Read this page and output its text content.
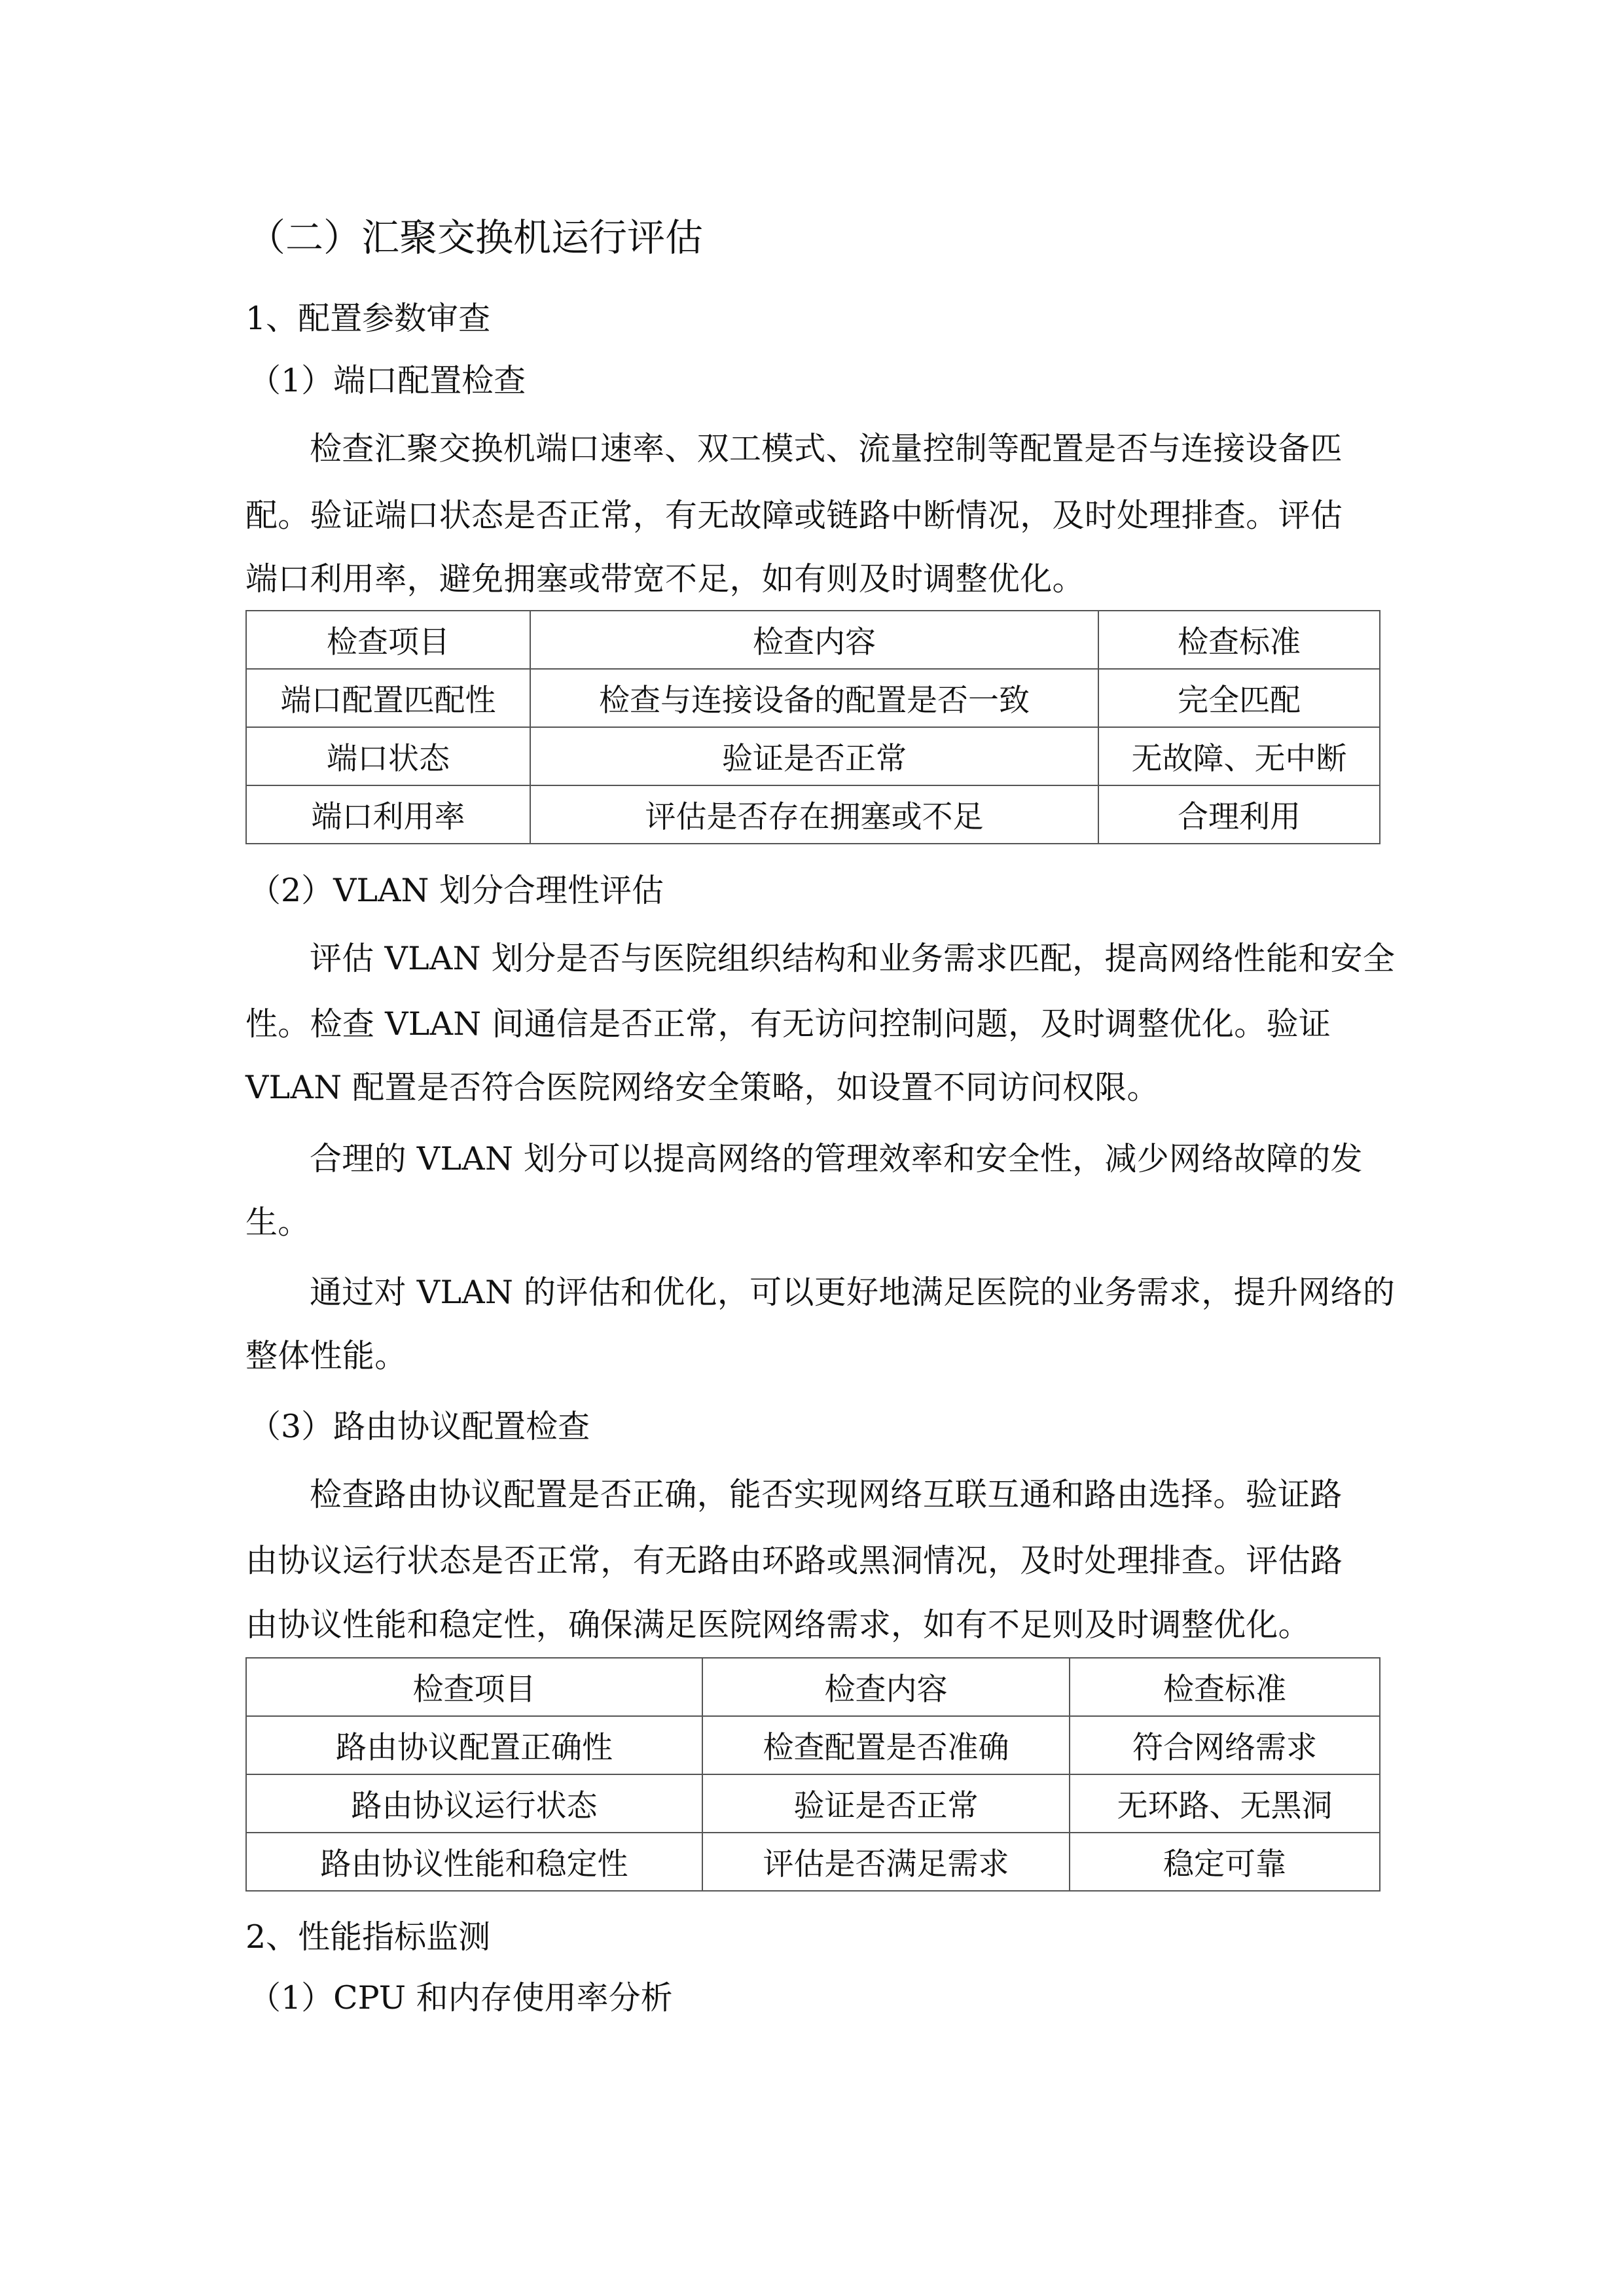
（二）汇聚交换机运行评估
1、配置参数审查
（1）端口配置检查
检查汇聚交换机端口速率、双工模式、流量控制等配置是否与连接设备匹
配。验证端口状态是否正常，有无故障或链路中断情况，及时处理排查。评估
端口利用率，避免拥塞或带宽不足，如有则及时调整优化。
检查项目	检查内容	检查标准
端口配置匹配性	检查与连接设备的配置是否一致	完全匹配
端口状态	验证是否正常	无故障、无中断
端口利用率	评估是否存在拥塞或不足	合理利用
（2）VLAN 划分合理性评估
评估 VLAN 划分是否与医院组织结构和业务需求匹配，提高网络性能和安全
性。检查 VLAN 间通信是否正常，有无访问控制问题，及时调整优化。验证
VLAN 配置是否符合医院网络安全策略，如设置不同访问权限。
合理的 VLAN 划分可以提高网络的管理效率和安全性，减少网络故障的发
生。
通过对 VLAN 的评估和优化，可以更好地满足医院的业务需求，提升网络的
整体性能。
（3）路由协议配置检查
检查路由协议配置是否正确，能否实现网络互联互通和路由选择。验证路
由协议运行状态是否正常，有无路由环路或黑洞情况，及时处理排查。评估路
由协议性能和稳定性，确保满足医院网络需求，如有不足则及时调整优化。
检查项目	检查内容	检查标准
路由协议配置正确性	检查配置是否准确	符合网络需求
路由协议运行状态	验证是否正常	无环路、无黑洞
路由协议性能和稳定性	评估是否满足需求	稳定可靠
2、性能指标监测
（1）CPU 和内存使用率分析
